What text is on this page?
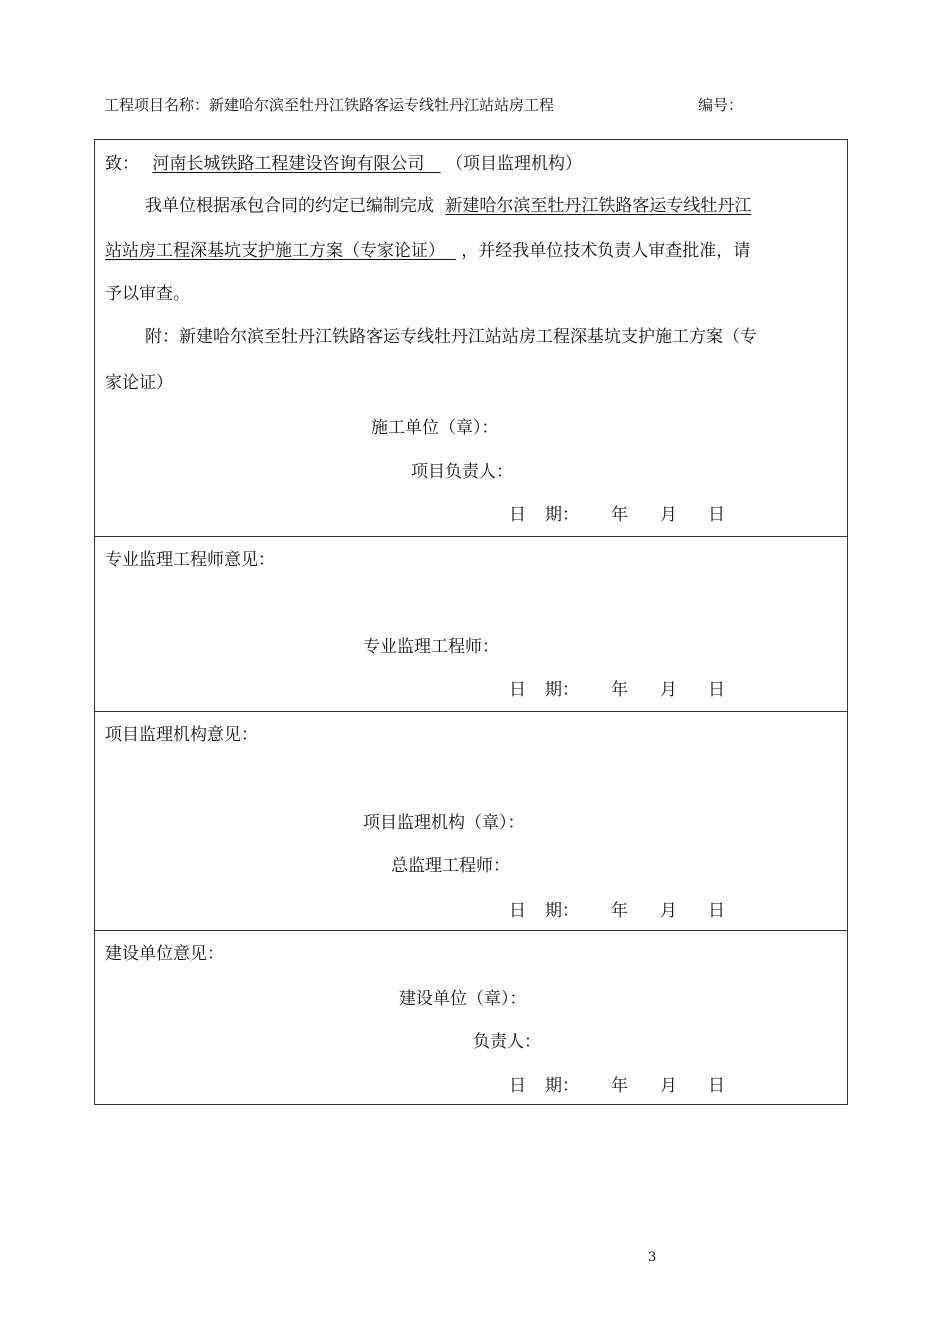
工程项目名称：新建哈尔滨至牡丹江铁路客运专线牡丹江站站房工程	编号：
致： 河南长城铁路工程建设咨询有限公司 （项目监理机构）
我单位根据承包合同的约定已编制完成 新建哈尔滨至牡丹江铁路客运专线牡丹江
站站房工程深基坑支护施工方案（专家论证） ，并经我单位技术负责人审查批准，请
予以审查。
附：新建哈尔滨至牡丹江铁路客运专线牡丹江站站房工程深基坑支护施工方案（专
家论证）
施工单位（章）：
项目负责人：
日 期： 年 月 日
专业监理工程师意见：
专业监理工程师：
日 期： 年 月 日
项目监理机构意见：
项目监理机构（章）：
总监理工程师：
日 期： 年 月 日
建设单位意见：
建设单位（章）：
负责人：
日 期： 年 月 日
3
